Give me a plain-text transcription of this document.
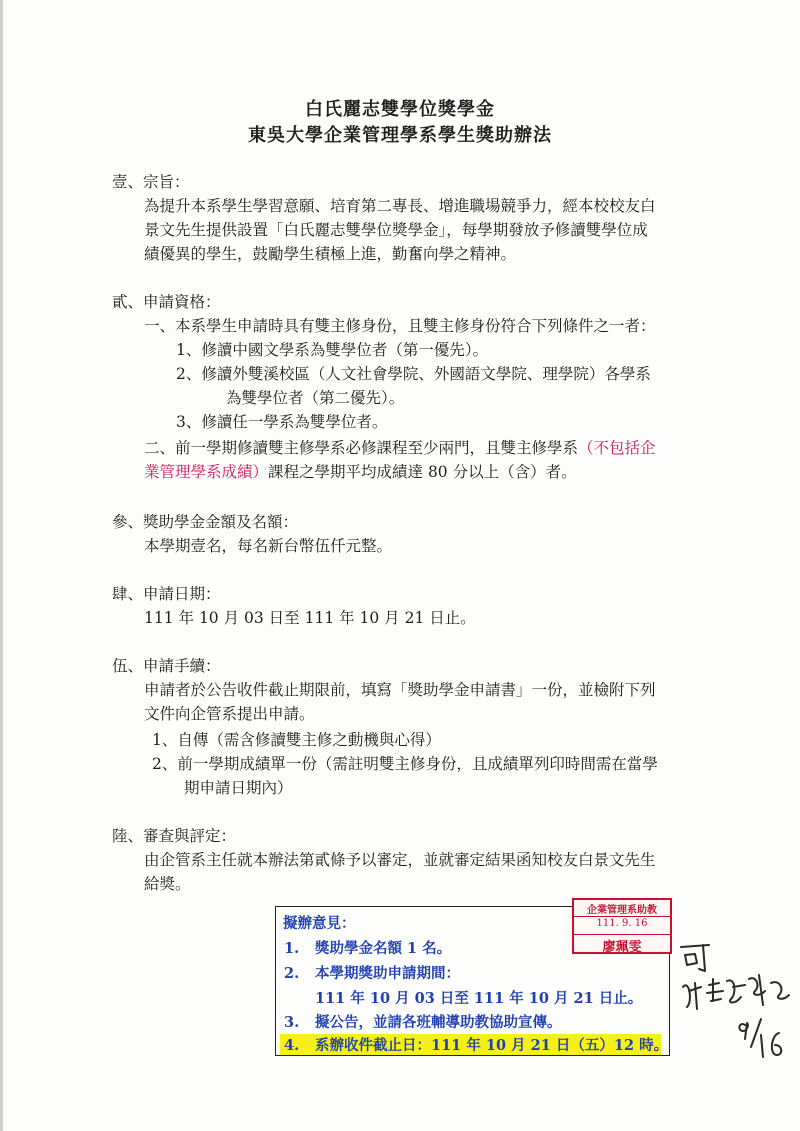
白氏麗志雙學位獎學金
東吳大學企業管理學系學生獎助辦法
壹、宗旨：
為提升本系學生學習意願、培育第二專長、增進職場競爭力，經本校校友白
景文先生提供設置「白氏麗志雙學位獎學金」，每學期發放予修讀雙學位成
績優異的學生，鼓勵學生積極上進，勤奮向學之精神。
貳、申請資格：
一、本系學生申請時具有雙主修身份，且雙主修身份符合下列條件之一者：
1、修讀中國文學系為雙學位者（第一優先）。
2、修讀外雙溪校區（人文社會學院、外國語文學院、理學院）各學系
為雙學位者（第二優先）。
3、修讀任一學系為雙學位者。
二、前一學期修讀雙主修學系必修課程至少兩門，且雙主修學系（不包括企
業管理學系成績）課程之學期平均成績達 80 分以上（含）者。
參、獎助學金金額及名額：
本學期壹名，每名新台幣伍仟元整。
肆、申請日期：
111 年 10 月 03 日至 111 年 10 月 21 日止。
伍、申請手續：
申請者於公告收件截止期限前，填寫「獎助學金申請書」一份，並檢附下列
文件向企管系提出申請。
1、自傳（需含修讀雙主修之動機與心得）
2、前一學期成績單一份（需註明雙主修身份，且成績單列印時間需在當學
期申請日期內）
陸、審查與評定：
由企管系主任就本辦法第貳條予以審定，並就審定結果函知校友白景文先生
給獎。
擬辦意見：
1. 獎助學金名額 1 名。
2. 本學期獎助申請期間：
111 年 10 月 03 日至 111 年 10 月 21 日止。
3. 擬公告，並請各班輔導助教協助宣傳。
4. 系辦收件截止日：111 年 10 月 21 日（五）12 時。
企業管理系助教
111. 9. 16
廖珮雯
